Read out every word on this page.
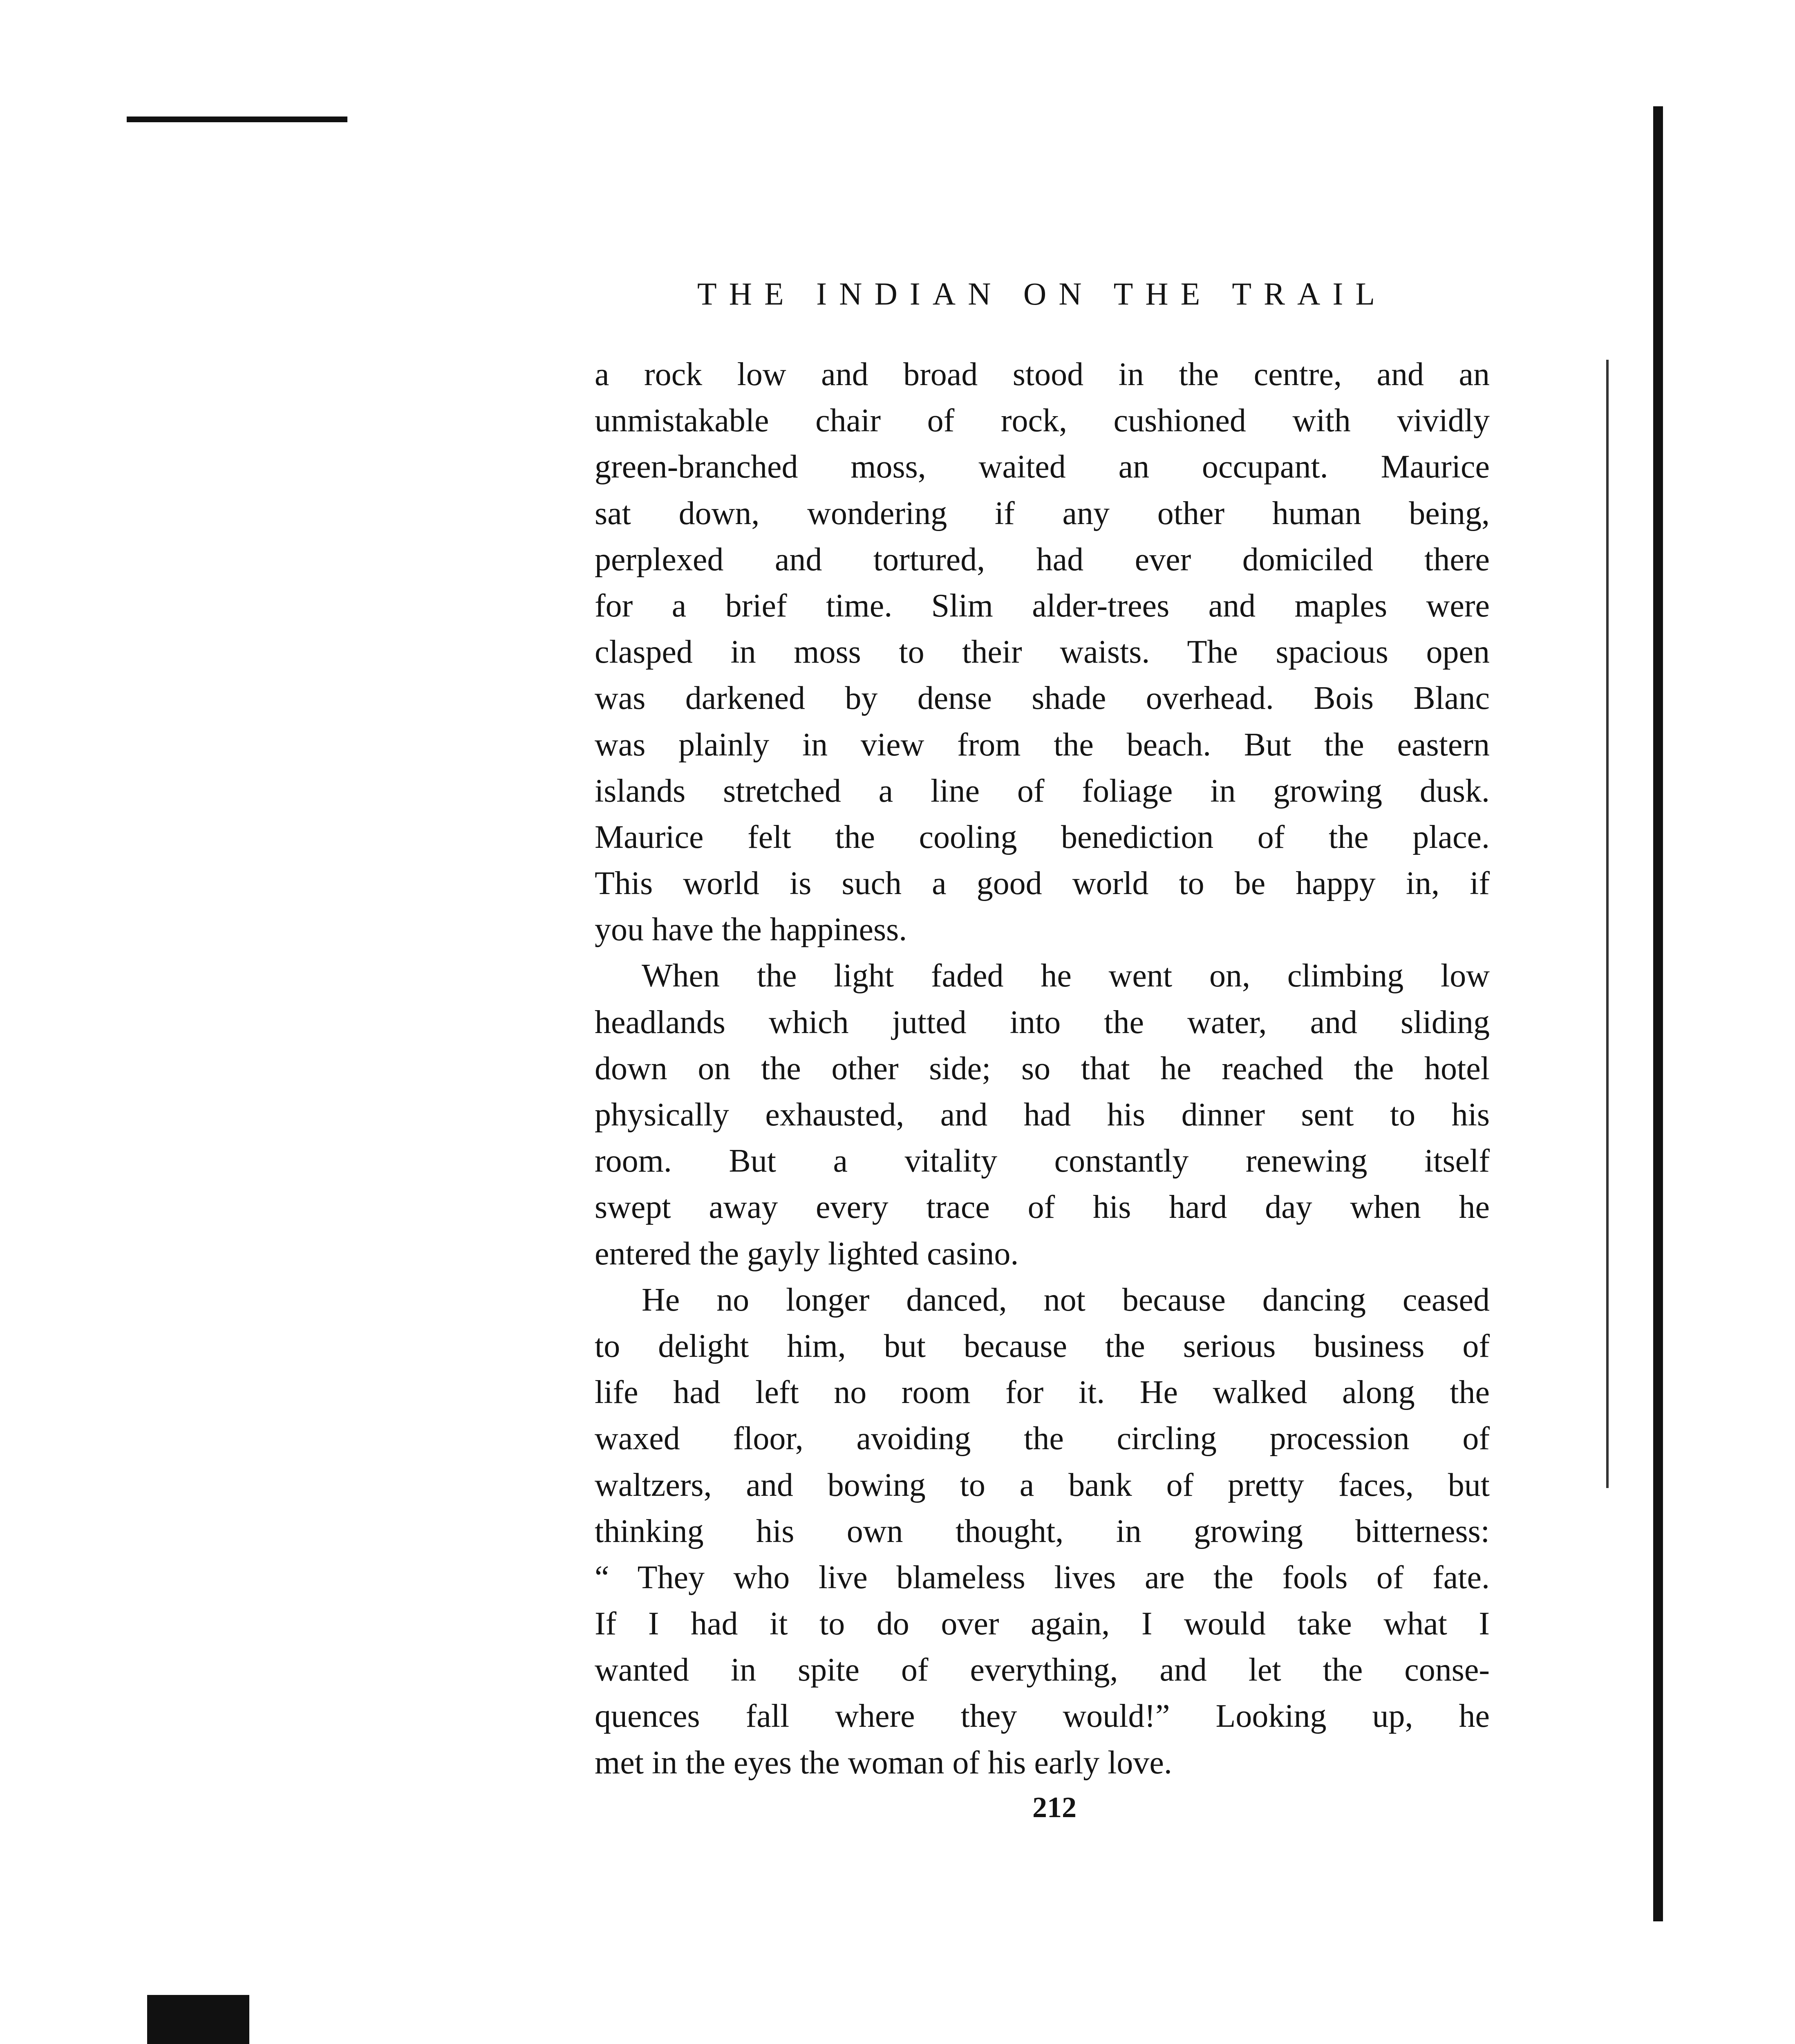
THE INDIAN ON THE TRAIL
a rock low and broad stood in the centre, and an
unmistakable chair of rock, cushioned with vividly
green-branched moss, waited an occupant. Maurice
sat down, wondering if any other human being,
perplexed and tortured, had ever domiciled there
for a brief time. Slim alder-trees and maples were
clasped in moss to their waists. The spacious open
was darkened by dense shade overhead. Bois Blanc
was plainly in view from the beach. But the eastern
islands stretched a line of foliage in growing dusk.
Maurice felt the cooling benediction of the place.
This world is such a good world to be happy in, if
you have the happiness.
When the light faded he went on, climbing low
headlands which jutted into the water, and sliding
down on the other side; so that he reached the hotel
physically exhausted, and had his dinner sent to his
room. But a vitality constantly renewing itself
swept away every trace of his hard day when he
entered the gayly lighted casino.
He no longer danced, not because dancing ceased
to delight him, but because the serious business of
life had left no room for it. He walked along the
waxed floor, avoiding the circling procession of
waltzers, and bowing to a bank of pretty faces, but
thinking his own thought, in growing bitterness:
“ They who live blameless lives are the fools of fate.
If I had it to do over again, I would take what I
wanted in spite of everything, and let the conse-
quences fall where they would!” Looking up, he
met in the eyes the woman of his early love.
212
